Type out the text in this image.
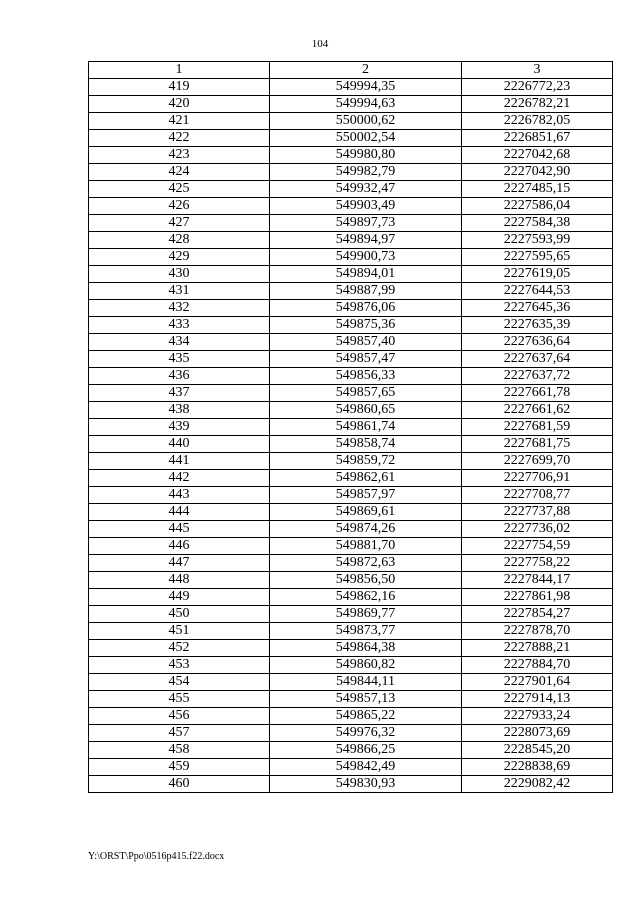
104
1	2	3
419	549994,35	2226772,23
420	549994,63	2226782,21
421	550000,62	2226782,05
422	550002,54	2226851,67
423	549980,80	2227042,68
424	549982,79	2227042,90
425	549932,47	2227485,15
426	549903,49	2227586,04
427	549897,73	2227584,38
428	549894,97	2227593,99
429	549900,73	2227595,65
430	549894,01	2227619,05
431	549887,99	2227644,53
432	549876,06	2227645,36
433	549875,36	2227635,39
434	549857,40	2227636,64
435	549857,47	2227637,64
436	549856,33	2227637,72
437	549857,65	2227661,78
438	549860,65	2227661,62
439	549861,74	2227681,59
440	549858,74	2227681,75
441	549859,72	2227699,70
442	549862,61	2227706,91
443	549857,97	2227708,77
444	549869,61	2227737,88
445	549874,26	2227736,02
446	549881,70	2227754,59
447	549872,63	2227758,22
448	549856,50	2227844,17
449	549862,16	2227861,98
450	549869,77	2227854,27
451	549873,77	2227878,70
452	549864,38	2227888,21
453	549860,82	2227884,70
454	549844,11	2227901,64
455	549857,13	2227914,13
456	549865,22	2227933,24
457	549976,32	2228073,69
458	549866,25	2228545,20
459	549842,49	2228838,69
460	549830,93	2229082,42
Y:\ORST\Ppo\0516p415.f22.docx
